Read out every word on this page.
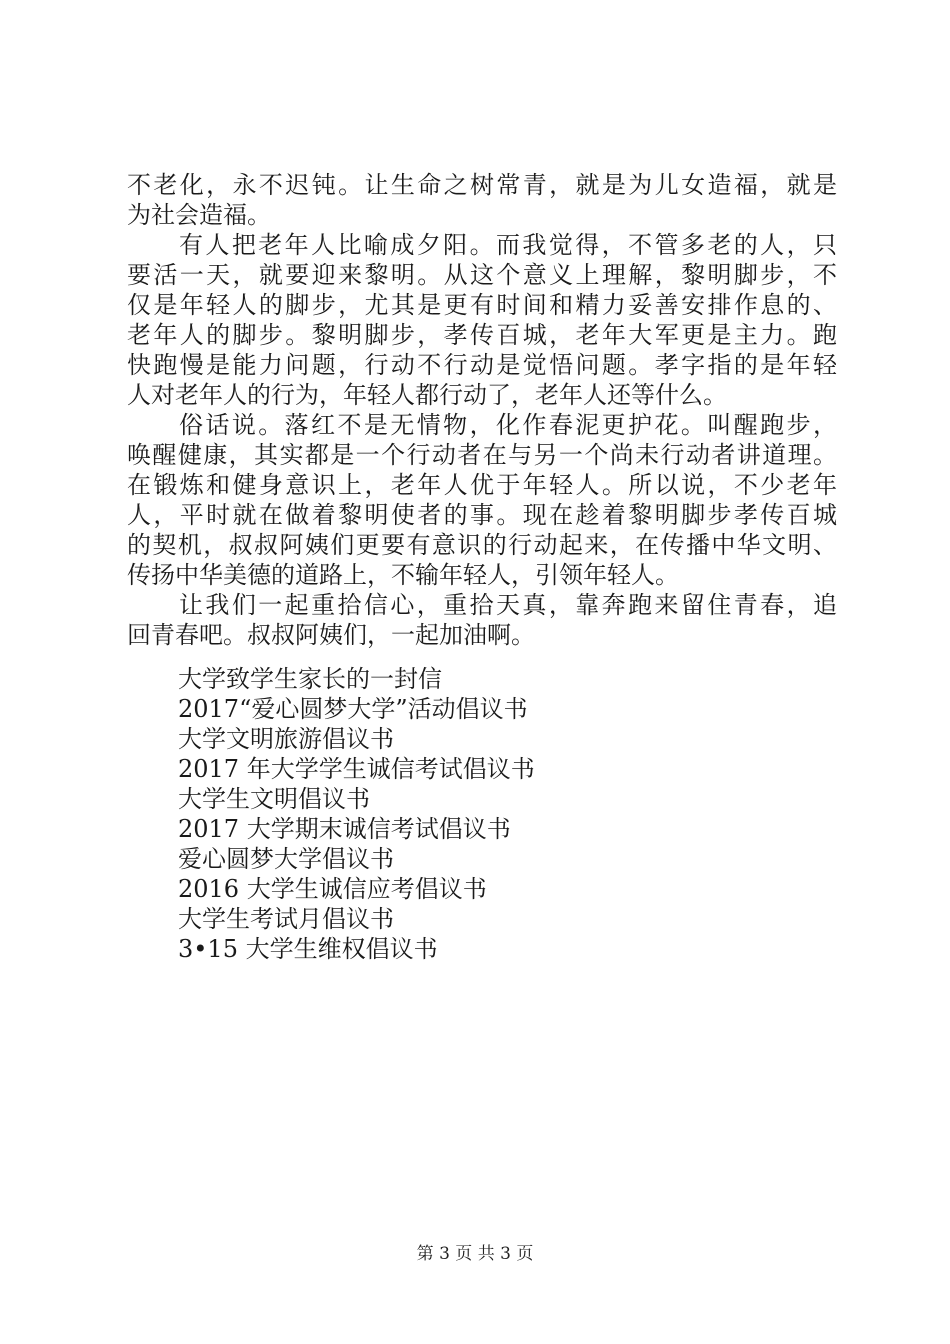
不老化，永不迟钝。让生命之树常青，就是为儿女造福，就是
为社会造福。
有人把老年人比喻成夕阳。而我觉得，不管多老的人，只
要活一天，就要迎来黎明。从这个意义上理解，黎明脚步，不
仅是年轻人的脚步，尤其是更有时间和精力妥善安排作息的、
老年人的脚步。黎明脚步，孝传百城，老年大军更是主力。跑
快跑慢是能力问题，行动不行动是觉悟问题。孝字指的是年轻
人对老年人的行为，年轻人都行动了，老年人还等什么。
俗话说。落红不是无情物，化作春泥更护花。叫醒跑步，
唤醒健康，其实都是一个行动者在与另一个尚未行动者讲道理。
在锻炼和健身意识上，老年人优于年轻人。所以说，不少老年
人，平时就在做着黎明使者的事。现在趁着黎明脚步孝传百城
的契机，叔叔阿姨们更要有意识的行动起来，在传播中华文明、
传扬中华美德的道路上，不输年轻人，引领年轻人。
让我们一起重拾信心，重拾天真，靠奔跑来留住青春，追
回青春吧。叔叔阿姨们，一起加油啊。
大学致学生家长的一封信
2017“爱心圆梦大学”活动倡议书
大学文明旅游倡议书
2017 年大学学生诚信考试倡议书
大学生文明倡议书
2017 大学期末诚信考试倡议书
爱心圆梦大学倡议书
2016 大学生诚信应考倡议书
大学生考试月倡议书
3•15 大学生维权倡议书
第 3 页 共 3 页
